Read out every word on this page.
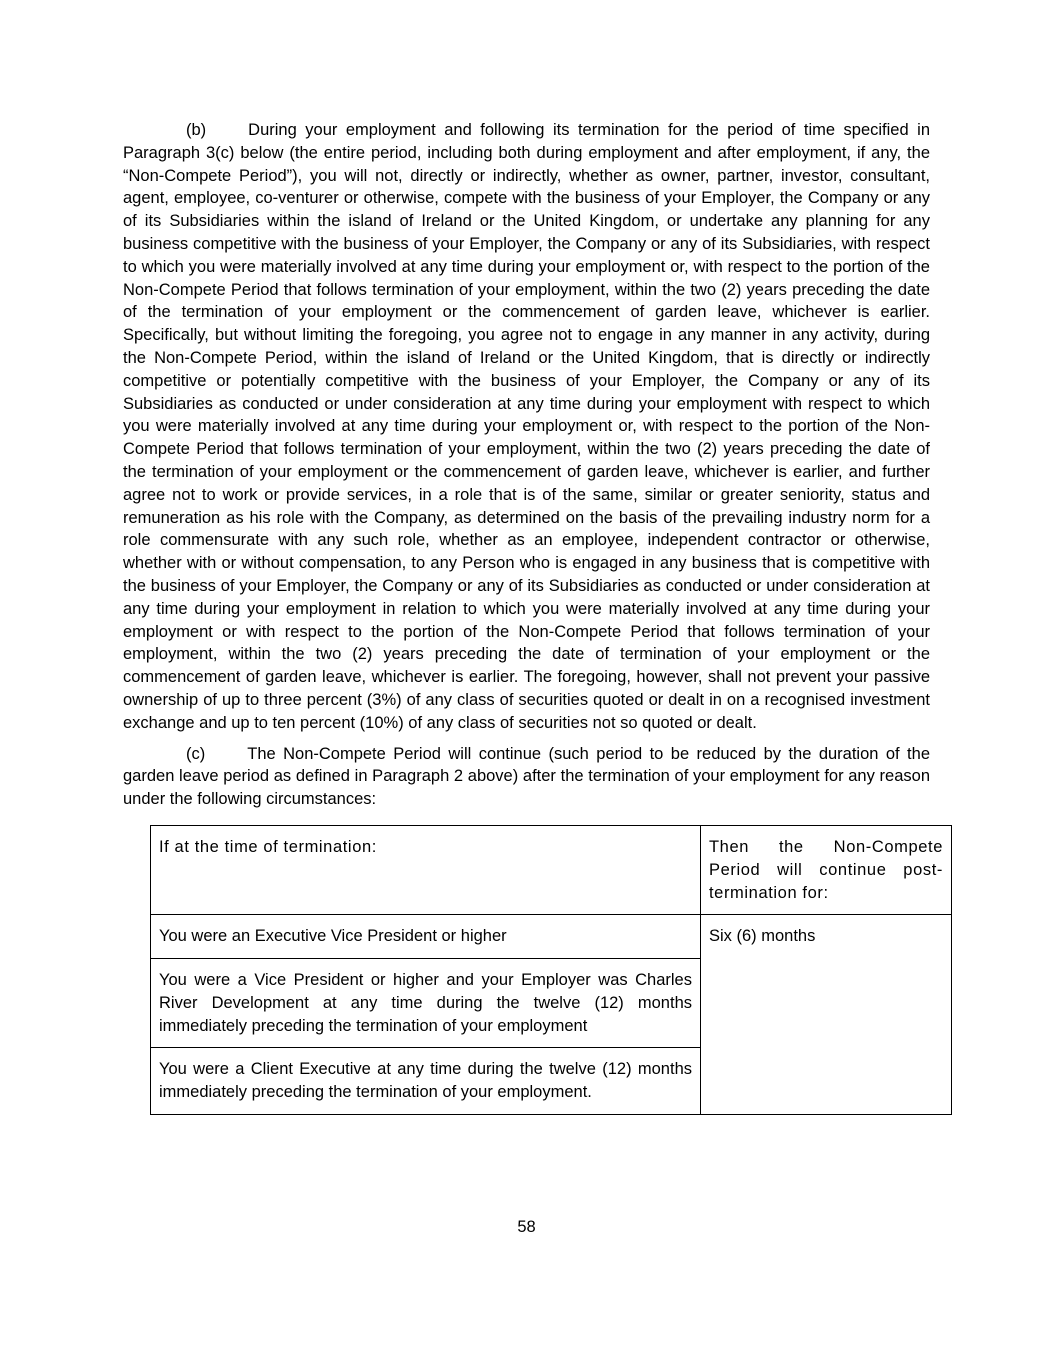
(b)	During your employment and following its termination for the period of time specified in Paragraph 3(c) below (the entire period, including both during employment and after employment, if any, the “Non-Compete Period”), you will not, directly or indirectly, whether as owner, partner, investor, consultant, agent, employee, co-venturer or otherwise, compete with the business of your Employer, the Company or any of its Subsidiaries within the island of Ireland or the United Kingdom, or undertake any planning for any business competitive with the business of your Employer, the Company or any of its Subsidiaries, with respect to which you were materially involved at any time during your employment or, with respect to the portion of the Non-Compete Period that follows termination of your employment, within the two (2) years preceding the date of the termination of your employment or the commencement of garden leave, whichever is earlier. Specifically, but without limiting the foregoing, you agree not to engage in any manner in any activity, during the Non-Compete Period, within the island of Ireland or the United Kingdom, that is directly or indirectly competitive or potentially competitive with the business of your Employer, the Company or any of its Subsidiaries as conducted or under consideration at any time during your employment with respect to which you were materially involved at any time during your employment or, with respect to the portion of the Non-Compete Period that follows termination of your employment, within the two (2) years preceding the date of the termination of your employment or the commencement of garden leave, whichever is earlier, and further agree not to work or provide services, in a role that is of the same, similar or greater seniority, status and remuneration as his role with the Company, as determined on the basis of the prevailing industry norm for a role commensurate with any such role, whether as an employee, independent contractor or otherwise, whether with or without compensation, to any Person who is engaged in any business that is competitive with the business of your Employer, the Company or any of its Subsidiaries as conducted or under consideration at any time during your employment in relation to which you were materially involved at any time during your employment or with respect to the portion of the Non-Compete Period that follows termination of your employment, within the two (2) years preceding the date of termination of your employment or the commencement of garden leave, whichever is earlier. The foregoing, however, shall not prevent your passive ownership of up to three percent (3%) of any class of securities quoted or dealt in on a recognised investment exchange and up to ten percent (10%) of any class of securities not so quoted or dealt.

(c)	The Non-Compete Period will continue (such period to be reduced by the duration of the garden leave period as defined in Paragraph 2 above) after the termination of your employment for any reason under the following circumstances:

If at the time of termination:	Then the Non-Compete Period will continue post-termination for:
You were an Executive Vice President or higher	Six (6) months
You were a Vice President or higher and your Employer was Charles River Development at any time during the twelve (12) months immediately preceding the termination of your employment	
You were a Client Executive at any time during the twelve (12) months immediately preceding the termination of your employment.	
58
